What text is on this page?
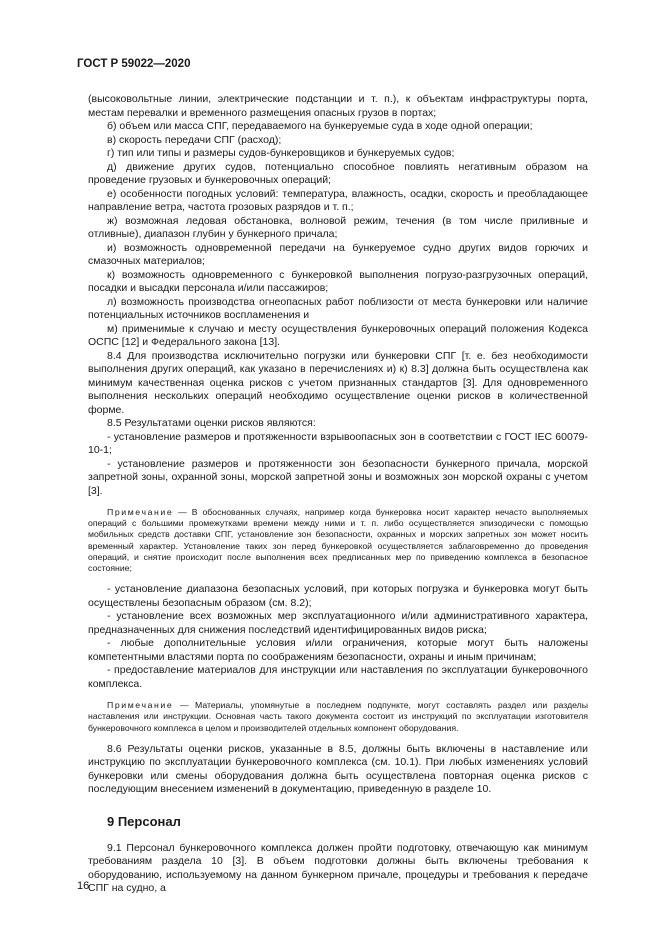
ГОСТ Р 59022—2020

(высоковольтные линии, электрические подстанции и т. п.), к объектам инфраструктуры порта, местам перевалки и временного размещения опасных грузов в портах;

б) объем или масса СПГ, передаваемого на бункеруемые суда в ходе одной операции;

в) скорость передачи СПГ (расход);

г) тип или типы и размеры судов-бункеровщиков и бункеруемых судов;

д) движение других судов, потенциально способное повлиять негативным образом на проведение грузовых и бункеровочных операций;

е) особенности погодных условий: температура, влажность, осадки, скорость и преобладающее направление ветра, частота грозовых разрядов и т. п.;

ж) возможная ледовая обстановка, волновой режим, течения (в том числе приливные и отливные), диапазон глубин у бункерного причала;

и) возможность одновременной передачи на бункеруемое судно других видов горючих и смазочных материалов;

к) возможность одновременного с бункеровкой выполнения погрузо-разгрузочных операций, посадки и высадки персонала и/или пассажиров;

л) возможность производства огнеопасных работ поблизости от места бункеровки или наличие потенциальных источников воспламенения и

м) применимые к случаю и месту осуществления бункеровочных операций положения Кодекса ОСПС [12] и Федерального закона [13].

8.4 Для производства исключительно погрузки или бункеровки СПГ [т. е. без необходимости выполнения других операций, как указано в перечислениях и) к) 8.3] должна быть осуществлена как минимум качественная оценка рисков с учетом признанных стандартов [3]. Для одновременного выполнения нескольких операций необходимо осуществление оценки рисков в количественной форме.

8.5 Результатами оценки рисков являются:

- установление размеров и протяженности взрывоопасных зон в соответствии с ГОСТ IEC 60079-10-1;

- установление размеров и протяженности зон безопасности бункерного причала, морской запретной зоны, охранной зоны, морской запретной зоны и возможных зон морской охраны с учетом [3].

Примечание — В обоснованных случаях, например когда бункеровка носит характер нечасто выполняемых операций с большими промежутками времени между ними и т. п. либо осуществляется эпизодически с помощью мобильных средств доставки СПГ, установление зон безопасности, охранных и морских запретных зон может носить временный характер. Установление таких зон перед бункеровкой осуществляется заблаговременно до проведения операций, и снятие происходит после выполнения всех предписанных мер по приведению комплекса в безопасное состояние;

- установление диапазона безопасных условий, при которых погрузка и бункеровка могут быть осуществлены безопасным образом (см. 8.2);

- установление всех возможных мер эксплуатационного и/или административного характера, предназначенных для снижения последствий идентифицированных видов риска;

- любые дополнительные условия и/или ограничения, которые могут быть наложены компетентными властями порта по соображениям безопасности, охраны и иным причинам;

- предоставление материалов для инструкции или наставления по эксплуатации бункеровочного комплекса.

Примечание — Материалы, упомянутые в последнем подпункте, могут составлять раздел или разделы наставления или инструкции. Основная часть такого документа состоит из инструкций по эксплуатации изготовителя бункеровочного комплекса в целом и производителей отдельных компонент оборудования.

8.6 Результаты оценки рисков, указанные в 8.5, должны быть включены в наставление или инструкцию по эксплуатации бункеровочного комплекса (см. 10.1). При любых изменениях условий бункеровки или смены оборудования должна быть осуществлена повторная оценка рисков с последующим внесением изменений в документацию, приведенную в разделе 10.

9 Персонал

9.1 Персонал бункеровочного комплекса должен пройти подготовку, отвечающую как минимум требованиям раздела 10 [3]. В объем подготовки должны быть включены требования к оборудованию, используемому на данном бункерном причале, процедуры и требования к передаче СПГ на судно, а

16
